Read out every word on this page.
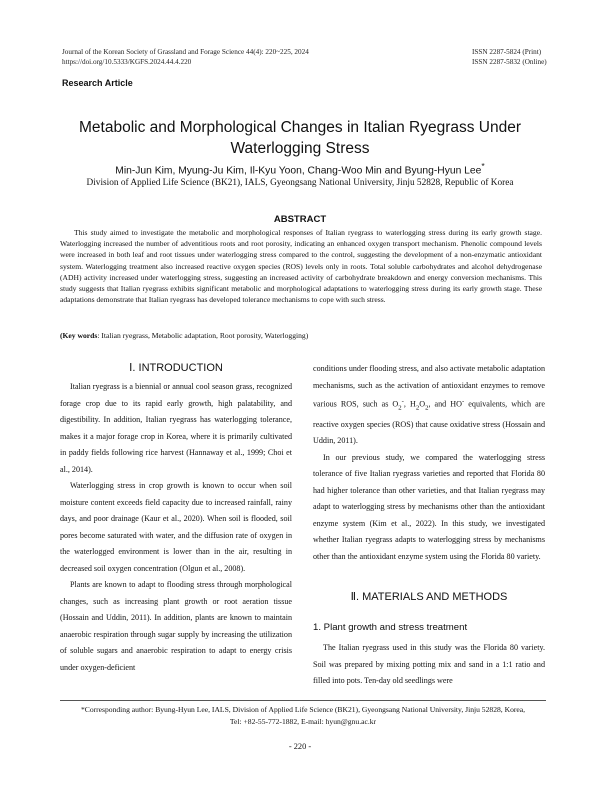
Journal of the Korean Society of Grassland and Forage Science 44(4): 220~225, 2024
https://doi.org/10.5333/KGFS.2024.44.4.220
ISSN 2287-5824 (Print)
ISSN 2287-5832 (Online)
Research Article
Metabolic and Morphological Changes in Italian Ryegrass Under Waterlogging Stress
Min-Jun Kim, Myung-Ju Kim, Il-Kyu Yoon, Chang-Woo Min and Byung-Hyun Lee*
Division of Applied Life Science (BK21), IALS, Gyeongsang National University, Jinju 52828, Republic of Korea
ABSTRACT

This study aimed to investigate the metabolic and morphological responses of Italian ryegrass to waterlogging stress during its early growth stage. Waterlogging increased the number of adventitious roots and root porosity, indicating an enhanced oxygen transport mechanism. Phenolic compound levels were increased in both leaf and root tissues under waterlogging stress compared to the control, suggesting the development of a non-enzymatic antioxidant system. Waterlogging treatment also increased reactive oxygen species (ROS) levels only in roots. Total soluble carbohydrates and alcohol dehydrogenase (ADH) activity increased under waterlogging stress, suggesting an increased activity of carbohydrate breakdown and energy conversion mechanisms. This study suggests that Italian ryegrass exhibits significant metabolic and morphological adaptations to waterlogging stress during its early growth stage. These adaptations demonstrate that Italian ryegrass has developed tolerance mechanisms to cope with such stress.

(Key words: Italian ryegrass, Metabolic adaptation, Root porosity, Waterlogging)
Ⅰ. INTRODUCTION

Italian ryegrass is a biennial or annual cool season grass, recognized forage crop due to its rapid early growth, high palatability, and digestibility. In addition, Italian ryegrass has waterlogging tolerance, makes it a major forage crop in Korea, where it is primarily cultivated in paddy fields following rice harvest (Hannaway et al., 1999; Choi et al., 2014).

Waterlogging stress in crop growth is known to occur when soil moisture content exceeds field capacity due to increased rainfall, rainy days, and poor drainage (Kaur et al., 2020). When soil is flooded, soil pores become saturated with water, and the diffusion rate of oxygen in the waterlogged environment is lower than in the air, resulting in decreased soil oxygen concentration (Olgun et al., 2008).

Plants are known to adapt to flooding stress through morphological changes, such as increasing plant growth or root aeration tissue (Hossain and Uddin, 2011). In addition, plants are known to maintain anaerobic respiration through sugar supply by increasing the utilization of soluble sugars and anaerobic respiration to adapt to energy crisis under oxygen-deficient

conditions under flooding stress, and also activate metabolic adaptation mechanisms, such as the activation of antioxidant enzymes to remove various ROS, such as $O_2^-$, $H_2O_2$, and HO- equivalents, which are reactive oxygen species (ROS) that cause oxidative stress (Hossain and Uddin, 2011).

In our previous study, we compared the waterlogging stress tolerance of five Italian ryegrass varieties and reported that Florida 80 had higher tolerance than other varieties, and that Italian ryegrass may adapt to waterlogging stress by mechanisms other than the antioxidant enzyme system (Kim et al., 2022). In this study, we investigated whether Italian ryegrass adapts to waterlogging stress by mechanisms other than the antioxidant enzyme system using the Florida 80 variety.

Ⅱ. MATERIALS AND METHODS
1. Plant growth and stress treatment

The Italian ryegrass used in this study was the Florida 80 variety. Soil was prepared by mixing potting mix and sand in a 1:1 ratio and filled into pots. Ten-day old seedlings were

*Corresponding author: Byung-Hyun Lee, IALS, Division of Applied Life Science (BK21), Gyeongsang National University, Jinju 52828, Korea,
Tel: +82-55-772-1882, E-mail: hyun@gnu.ac.kr
- 220 -
